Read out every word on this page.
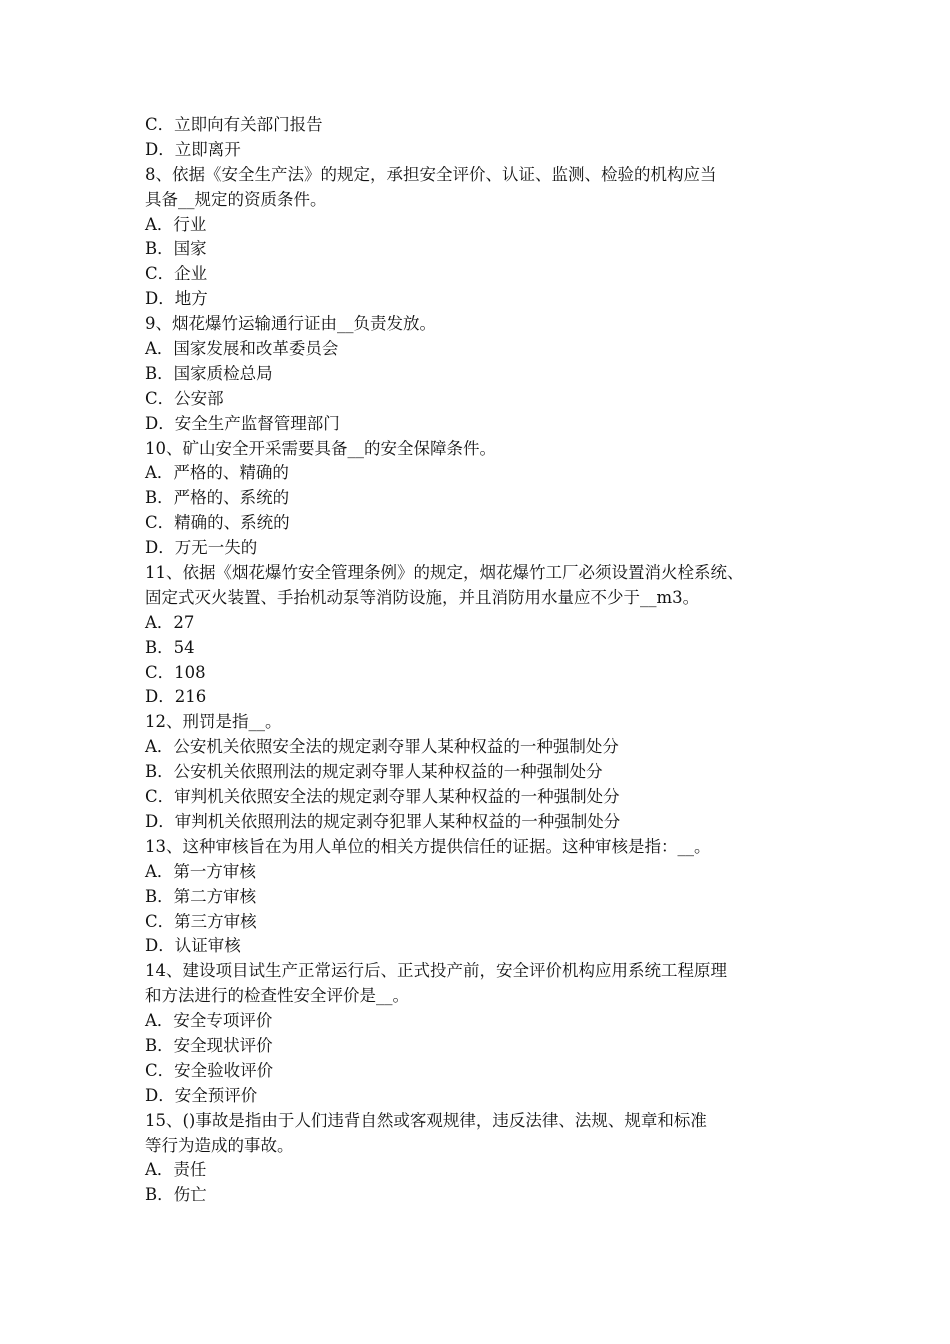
C．立即向有关部门报告
D．立即离开
8、依据《安全生产法》的规定，承担安全评价、认证、监测、检验的机构应当
具备__规定的资质条件。
A．行业
B．国家
C．企业
D．地方
9、烟花爆竹运输通行证由__负责发放。
A．国家发展和改革委员会
B．国家质检总局
C．公安部
D．安全生产监督管理部门
10、矿山安全开采需要具备__的安全保障条件。
A．严格的、精确的
B．严格的、系统的
C．精确的、系统的
D．万无一失的
11、依据《烟花爆竹安全管理条例》的规定，烟花爆竹工厂必须设置消火栓系统、
固定式灭火装置、手抬机动泵等消防设施，并且消防用水量应不少于__m3。
A．27
B．54
C．108
D．216
12、刑罚是指__。
A．公安机关依照安全法的规定剥夺罪人某种权益的一种强制处分
B．公安机关依照刑法的规定剥夺罪人某种权益的一种强制处分
C．审判机关依照安全法的规定剥夺罪人某种权益的一种强制处分
D．审判机关依照刑法的规定剥夺犯罪人某种权益的一种强制处分
13、这种审核旨在为用人单位的相关方提供信任的证据。这种审核是指：__。
A．第一方审核
B．第二方审核
C．第三方审核
D．认证审核
14、建设项目试生产正常运行后、正式投产前，安全评价机构应用系统工程原理
和方法进行的检查性安全评价是__。
A．安全专项评价
B．安全现状评价
C．安全验收评价
D．安全预评价
15、()事故是指由于人们违背自然或客观规律，违反法律、法规、规章和标准
等行为造成的事故。
A．责任
B．伤亡
